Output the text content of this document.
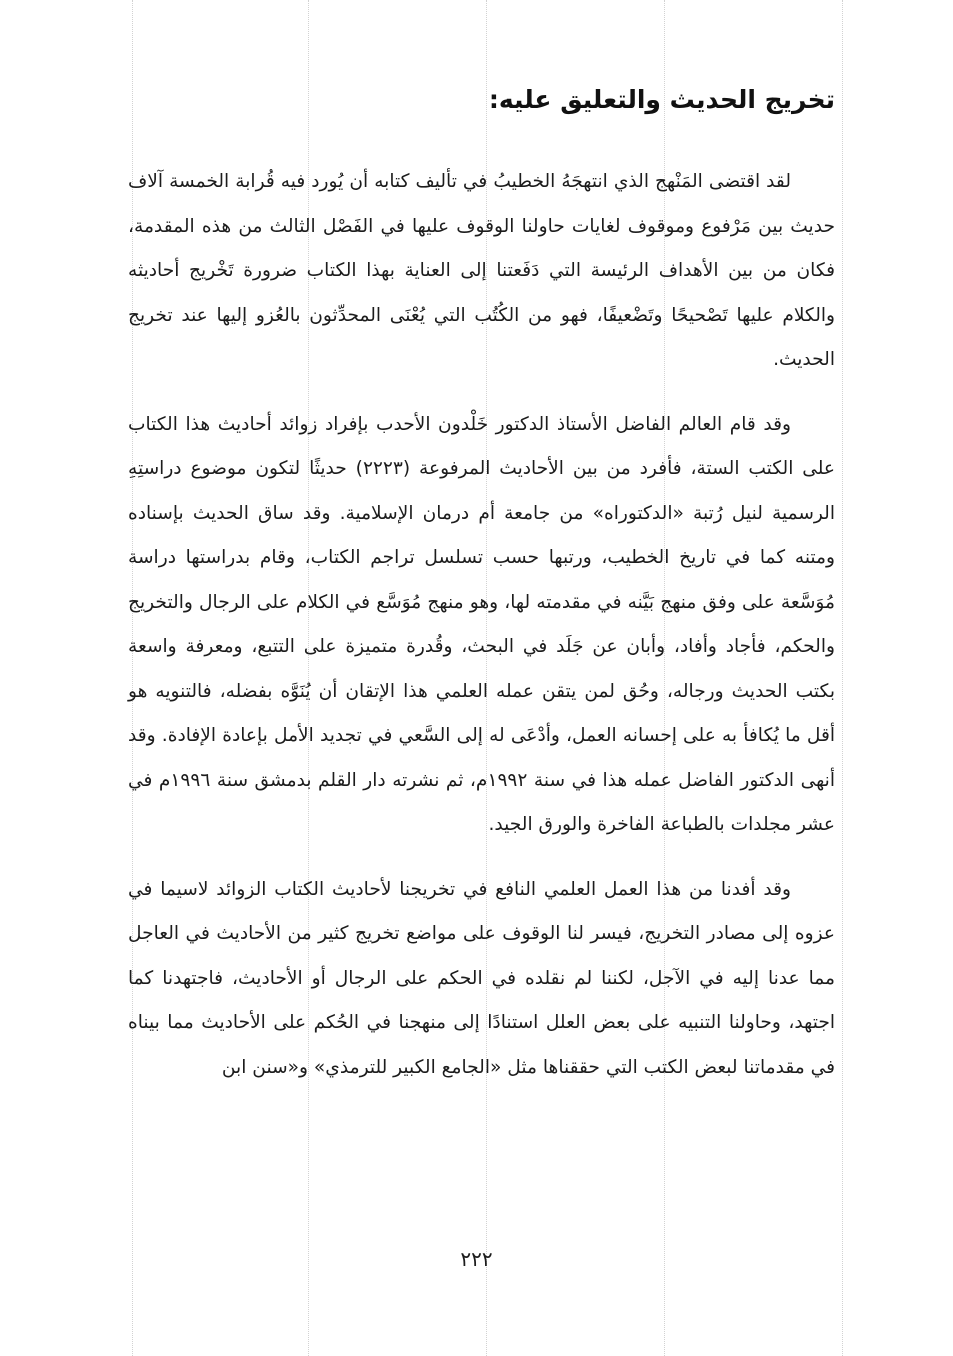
تخريج الحديث والتعليق عليه:

لقد اقتضى المَنْهج الذي انتهجَهُ الخطيبُ في تأليف كتابه أن يُورد فيه قُرابة الخمسة آلاف حديث بين مَرْفوع وموقوف لغايات حاولنا الوقوف عليها في الفَصْل الثالث من هذه المقدمة، فكان من بين الأهداف الرئيسة التي دَفَعتنا إلى العناية بهذا الكتاب ضرورة تَخْريج أحاديثه والكلام عليها تَصْحيحًا وتَضْعيفًا، فهو من الكُتُب التي يُعْنَى المحدِّثون بالعُزو إليها عند تخريج الحديث.

وقد قام العالم الفاضل الأستاذ الدكتور خَلْدون الأحدب بإفراد زوائد أحاديث هذا الكتاب على الكتب الستة، فأفرد من بين الأحاديث المرفوعة (٢٢٢٣) حديثًا لتكون موضوع دراستِهِ الرسمية لنيل رُتبة «الدكتوراه» من جامعة أم درمان الإسلامية. وقد ساق الحديث بإسناده ومتنه كما في تاريخ الخطيب، ورتبها حسب تسلسل تراجم الكتاب، وقام بدراستها دراسة مُوَسَّعة على وفق منهج بَيَّنه في مقدمته لها، وهو منهج مُوَسَّع في الكلام على الرجال والتخريج والحكم، فأجاد وأفاد، وأبان عن جَلَد في البحث، وقُدرة متميزة على التتبع، ومعرفة واسعة بكتب الحديث ورجاله، وحُق لمن يتقن عمله العلمي هذا الإتقان أن يُنَوَّه بفضله، فالتنويه هو أقل ما يُكافأ به على إحسانه العمل، وأدْعَى له إلى السَّعي في تجديد الأمل بإعادة الإفادة. وقد أنهى الدكتور الفاضل عمله هذا في سنة ١٩٩٢م، ثم نشرته دار القلم بدمشق سنة ١٩٩٦م في عشر مجلدات بالطباعة الفاخرة والورق الجيد.

وقد أفدنا من هذا العمل العلمي النافع في تخريجنا لأحاديث الكتاب الزوائد لاسيما في عزوه إلى مصادر التخريج، فيسر لنا الوقوف على مواضع تخريج كثير من الأحاديث في العاجل مما عدنا إليه في الآجل، لكننا لم نقلده في الحكم على الرجال أو الأحاديث، فاجتهدنا كما اجتهد، وحاولنا التنبيه على بعض العلل استنادًا إلى منهجنا في الحُكم على الأحاديث مما بيناه في مقدماتنا لبعض الكتب التي حققناها مثل «الجامع الكبير للترمذي» و«سنن ابن

٢٢٢
